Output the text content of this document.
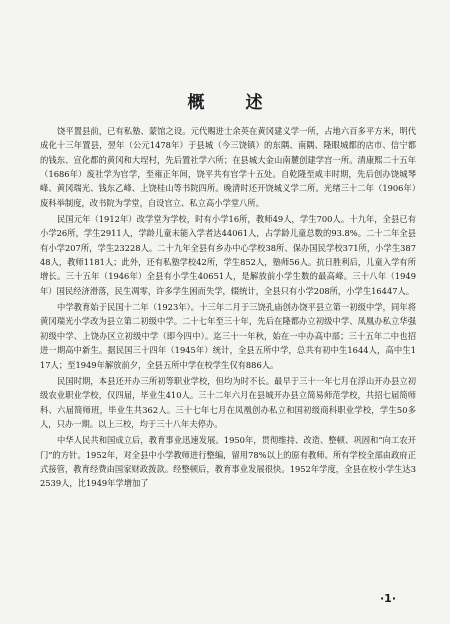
概　述

饶平置县前，已有私塾、蒙馆之设。元代赐进士余英在黄冈建义学一所，占地六百多平方米，明代成化十三年置县，翌年（公元1478年）于县城（今三饶镇）的东隅、南隅、隆眼城都的店市、信宁都的钱东、宣化都的黄冈和大埕村，先后置社学六所；在县城大金山南麓创建学宫一所。清康熙二十五年（1686年）废社学为官学，至雍正年间，饶平共有官学十五处。自乾隆至咸丰时期，先后创办饶城琴峰、黄冈瑞光、钱东乙峰、上饶桂山等书院四所。晚清时还开饶城义学二所。光绪三十二年（1906年）废科举制度，改书院为学堂，自设官立、私立高小学堂八所。

民国元年（1912年）改学堂为学校，时有小学16所，教师49人，学生700人。十九年，全县已有小学26所，学生2911人，学龄儿童未能入学者达44061人，占学龄儿童总数的93.8%。二十二年全县有小学207所，学生23228人。二十九年全县有乡办中心学校38所、保办国民学校371所，小学生38748人，教师1181人；此外，还有私塾学校42所，学生852人，塾师56人。抗日胜利后，儿童入学有所增长。三十五年（1946年）全县有小学生40651人，是解放前小学生数的最高峰。三十八年（1949年）国民经济滑落，民生凋零，许多学生困而失学，辍统计，全县只有小学208所，小学生16447人。

中学教育始于民国十二年（1923年）。十三年二月于三饶孔庙创办饶平县立第一初级中学，同年将黄冈瑞光小学改为县立第二初级中学。二十七年至三十年，先后在隆都办立初级中学、凤凰办私立华强初级中学、上饶办区立初级中学（即今四中）。迄三十一年秋，始在一中办高中部；三十五年二中也招进一期高中新生。据民国三十四年（1945年）统计，全县五所中学，总共有初中生1644人，高中生117人；至1949年解放前夕，全县五所中学在校学生仅有886人。

民国时期，本县还开办三所初等职业学校，但均为时不长。最早于三十一年七月在浮山开办县立初级农业职业学校，仅四届，毕业生410人。三十二年六月在县城开办县立简易师范学校，共招七届简师科、六届简师班，毕业生共362人。三十七年七月在凤凰创办私立和国初级商科职业学校，学生50多人，只办一期。以上三校，均于三十八年夫停办。

中华人民共和国成立后，教育事业迅速发展。1950年，贯彻维持、改造、整顿、巩固和“向工农开门”的方针。1952年，对全县中小学教师进行整编，留用78%以上的原有教师。所有学校全部由政府正式接管，教育经费由国家财政拨款。经整顿后，教育事业发展很快。1952年学度，全县在校小学生达32539人，比1949年学增加了

·1·
